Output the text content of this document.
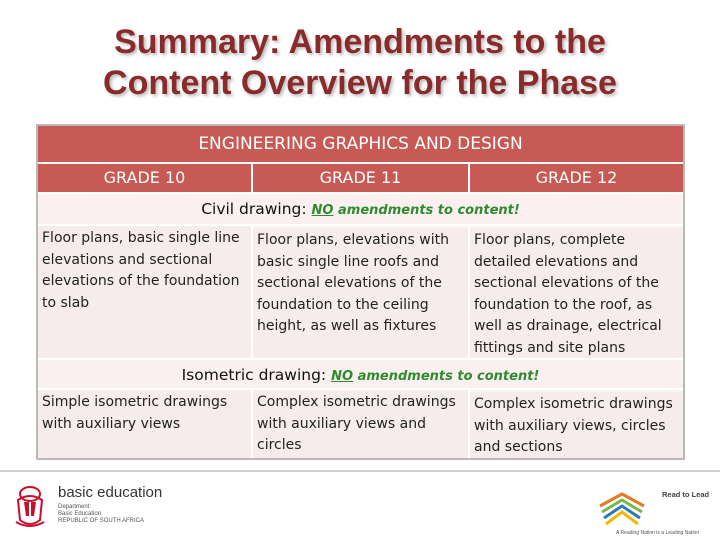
Summary: Amendments to the
Content Overview for the Phase
ENGINEERING GRAPHICS AND DESIGN
GRADE 10	GRADE 11	GRADE 12
Civil drawing: NO amendments to content!
Floor plans, basic single line elevations and sectional elevations of the foundation to slab
Floor plans, elevations with basic single line roofs and sectional elevations of the foundation to the ceiling height, as well as fixtures
Floor plans, complete detailed elevations and sectional elevations of the foundation to the roof, as well as drainage, electrical fittings and site plans
Isometric drawing: NO amendments to content!
Simple isometric drawings with auxiliary views
Complex isometric drawings with auxiliary views and circles
Complex isometric drawings with auxiliary views, circles and sections
basic education
Department:
Basic Education
REPUBLIC OF SOUTH AFRICA
Read to Lead
A Reading Nation is a Leading Nation
